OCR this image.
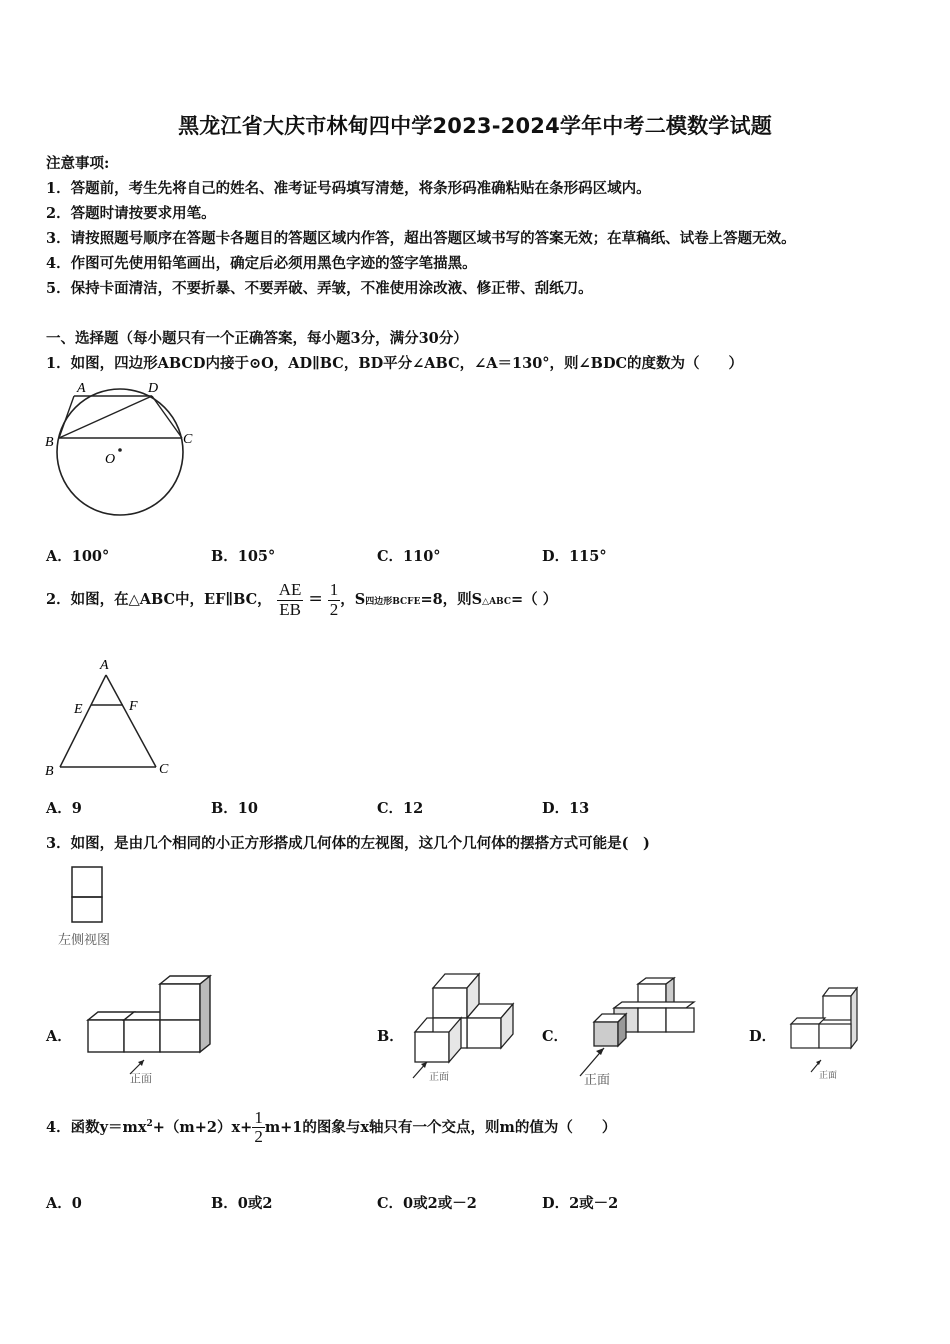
黑龙江省大庆市林甸四中学2023-2024学年中考二模数学试题
注意事项:
1．答题前，考生先将自己的姓名、准考证号码填写清楚，将条形码准确粘贴在条形码区域内。
2．答题时请按要求用笔。
3．请按照题号顺序在答题卡各题目的答题区域内作答，超出答题区域书写的答案无效；在草稿纸、试卷上答题无效。
4．作图可先使用铅笔画出，确定后必须用黑色字迹的签字笔描黑。
5．保持卡面清洁，不要折暴、不要弄破、弄皱，不准使用涂改液、修正带、刮纸刀。
一、选择题（每小题只有一个正确答案，每小题3分，满分30分）
1．如图，四边形ABCD内接于⊙O，AD∥BC，BD平分∠ABC，∠A＝130°，则∠BDC的度数为（　　）
A	D
B	C
O
A．100°	B．105°	C．110°	D．115°
2．如图，在△ABC中，EF∥BC， $\frac{AE}{EB} = \frac{1}{2}$ ，S四边形BCFE=8，则S△ABC=（ ）
A
E	F
B	C
A．9	B．10	C．12	D．13
3．如图，是由几个相同的小正方形搭成几何体的左视图，这几个几何体的摆搭方式可能是(　)
左侧视图
A．
正面
B．
正面
C．
正面
D．
正面
4．函数$y=mx^2+(m+2)x+ \frac{1}{2} m+1$的图象与x轴只有一个交点，则m的值为（　　）
A．0	B．0或2	C．0或2或－2	D．2或－2
